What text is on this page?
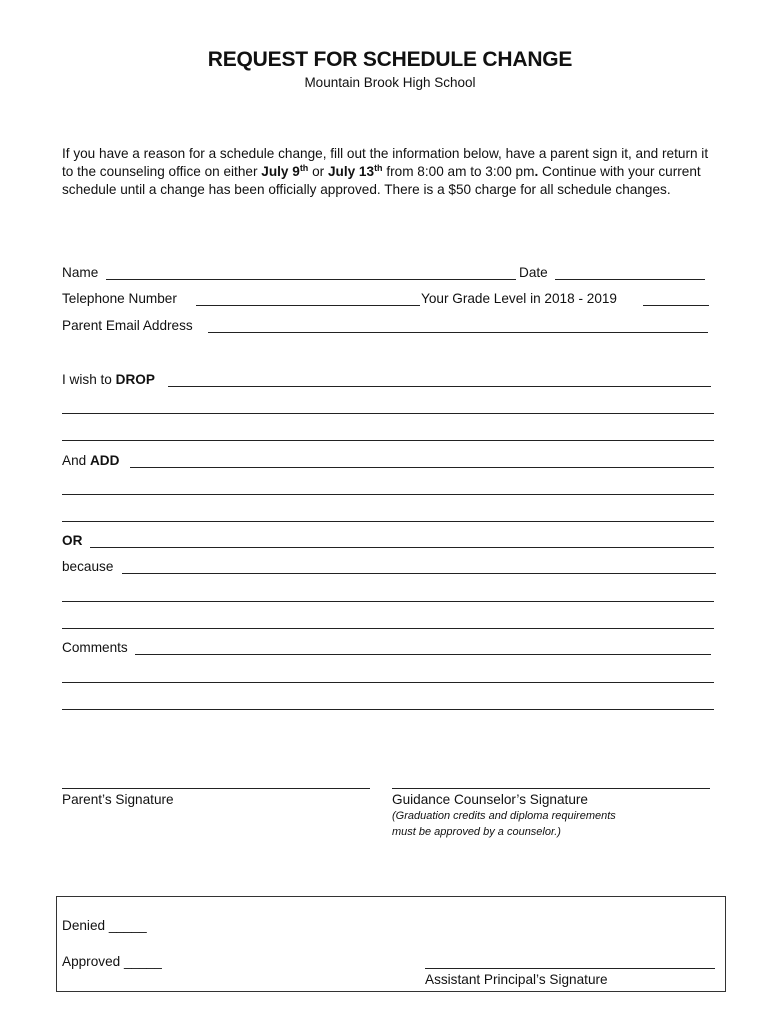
REQUEST FOR SCHEDULE CHANGE
Mountain Brook High School
If you have a reason for a schedule change, fill out the information below, have a parent sign it, and return it to the counseling office on either July 9th or July 13th from 8:00 am to 3:00 pm. Continue with your current schedule until a change has been officially approved. There is a $50 charge for all schedule changes.
Name	Date
Telephone Number	Your Grade Level in 2018 - 2019
Parent Email Address
I wish to DROP
And ADD
OR
because
Comments
Parent’s Signature	Guidance Counselor’s Signature
(Graduation credits and diploma requirements
must be approved by a counselor.)
Denied _____
Approved _____
Assistant Principal’s Signature
